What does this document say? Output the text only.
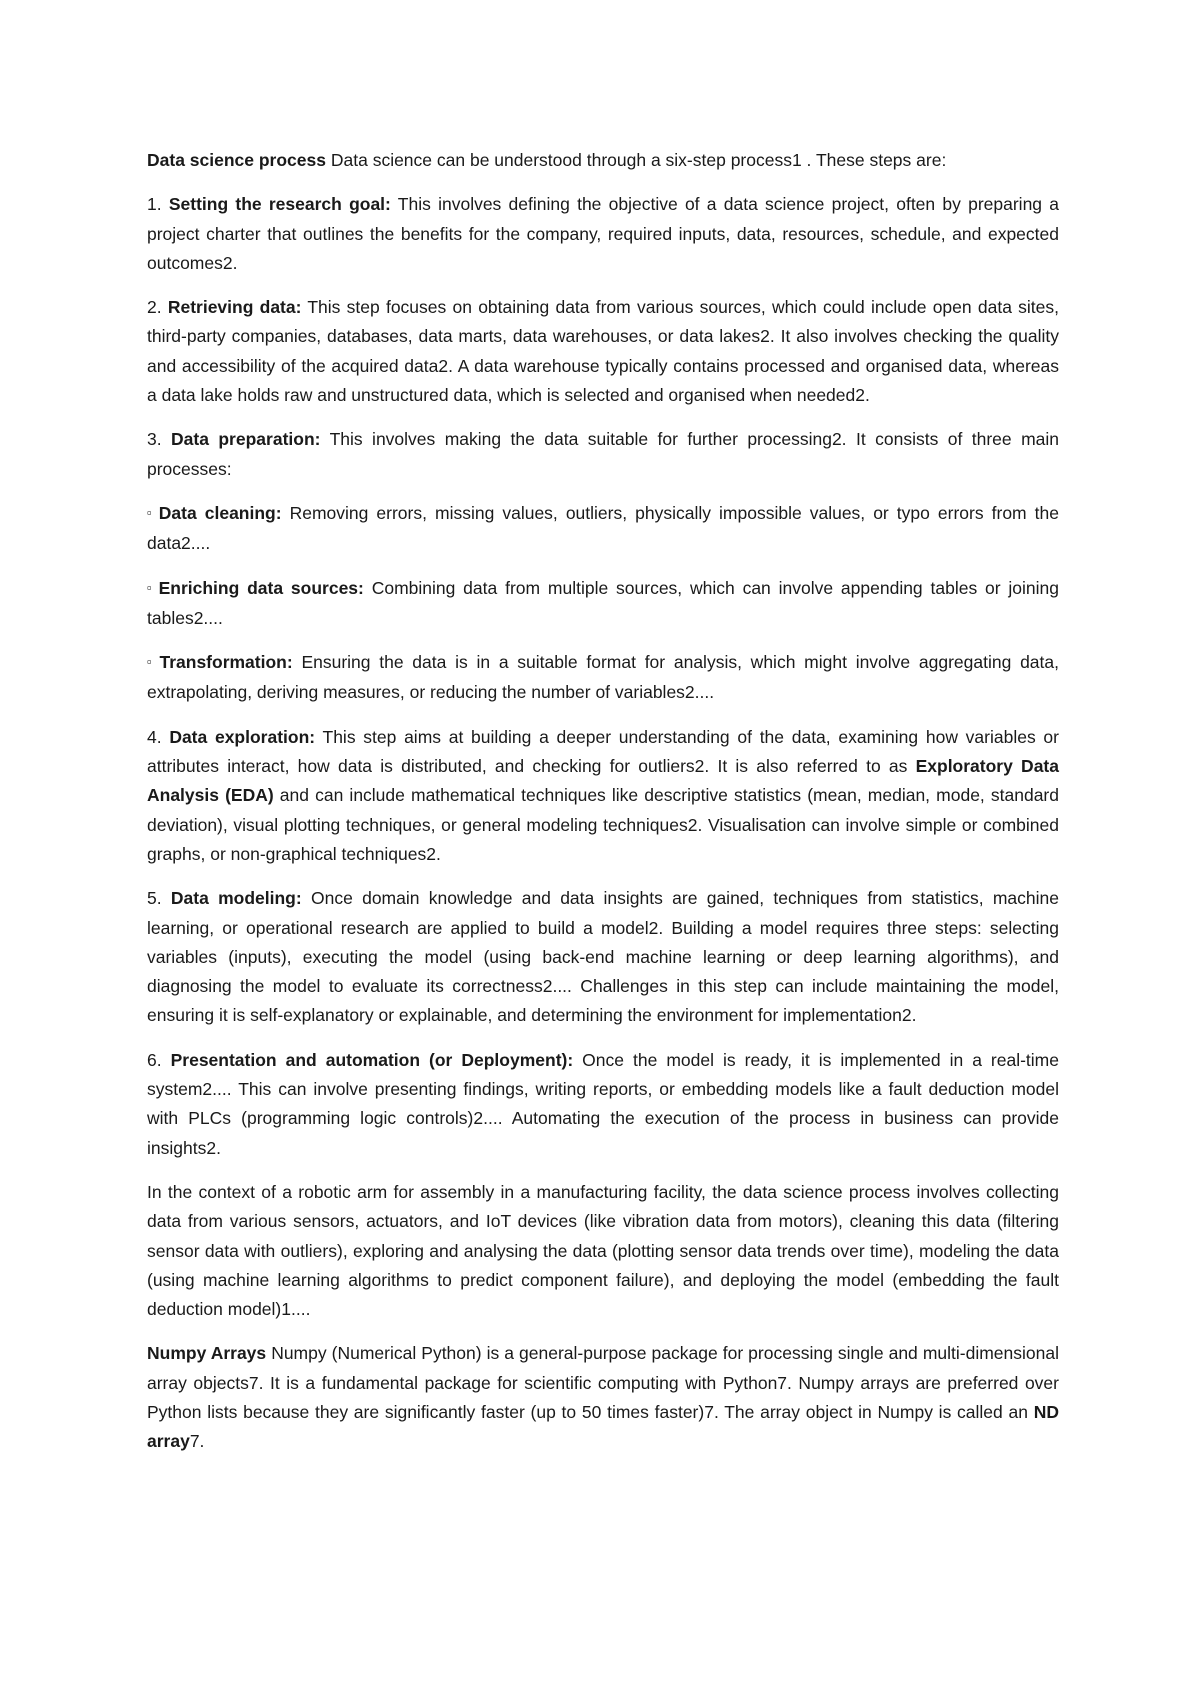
Data science process Data science can be understood through a six-step process1 . These steps are:

1. Setting the research goal: This involves defining the objective of a data science project, often by preparing a project charter that outlines the benefits for the company, required inputs, data, resources, schedule, and expected outcomes2.

2. Retrieving data: This step focuses on obtaining data from various sources, which could include open data sites, third-party companies, databases, data marts, data warehouses, or data lakes2. It also involves checking the quality and accessibility of the acquired data2. A data warehouse typically contains processed and organised data, whereas a data lake holds raw and unstructured data, which is selected and organised when needed2.

3. Data preparation: This involves making the data suitable for further processing2. It consists of three main processes:

▫ Data cleaning: Removing errors, missing values, outliers, physically impossible values, or typo errors from the data2....

▫ Enriching data sources: Combining data from multiple sources, which can involve appending tables or joining tables2....

▫ Transformation: Ensuring the data is in a suitable format for analysis, which might involve aggregating data, extrapolating, deriving measures, or reducing the number of variables2....

4. Data exploration: This step aims at building a deeper understanding of the data, examining how variables or attributes interact, how data is distributed, and checking for outliers2. It is also referred to as Exploratory Data Analysis (EDA) and can include mathematical techniques like descriptive statistics (mean, median, mode, standard deviation), visual plotting techniques, or general modeling techniques2. Visualisation can involve simple or combined graphs, or non-graphical techniques2.

5. Data modeling: Once domain knowledge and data insights are gained, techniques from statistics, machine learning, or operational research are applied to build a model2. Building a model requires three steps: selecting variables (inputs), executing the model (using back-end machine learning or deep learning algorithms), and diagnosing the model to evaluate its correctness2.... Challenges in this step can include maintaining the model, ensuring it is self-explanatory or explainable, and determining the environment for implementation2.

6. Presentation and automation (or Deployment): Once the model is ready, it is implemented in a real-time system2.... This can involve presenting findings, writing reports, or embedding models like a fault deduction model with PLCs (programming logic controls)2.... Automating the execution of the process in business can provide insights2.

In the context of a robotic arm for assembly in a manufacturing facility, the data science process involves collecting data from various sensors, actuators, and IoT devices (like vibration data from motors), cleaning this data (filtering sensor data with outliers), exploring and analysing the data (plotting sensor data trends over time), modeling the data (using machine learning algorithms to predict component failure), and deploying the model (embedding the fault deduction model)1....

Numpy Arrays Numpy (Numerical Python) is a general-purpose package for processing single and multi-dimensional array objects7. It is a fundamental package for scientific computing with Python7. Numpy arrays are preferred over Python lists because they are significantly faster (up to 50 times faster)7. The array object in Numpy is called an ND array7.
